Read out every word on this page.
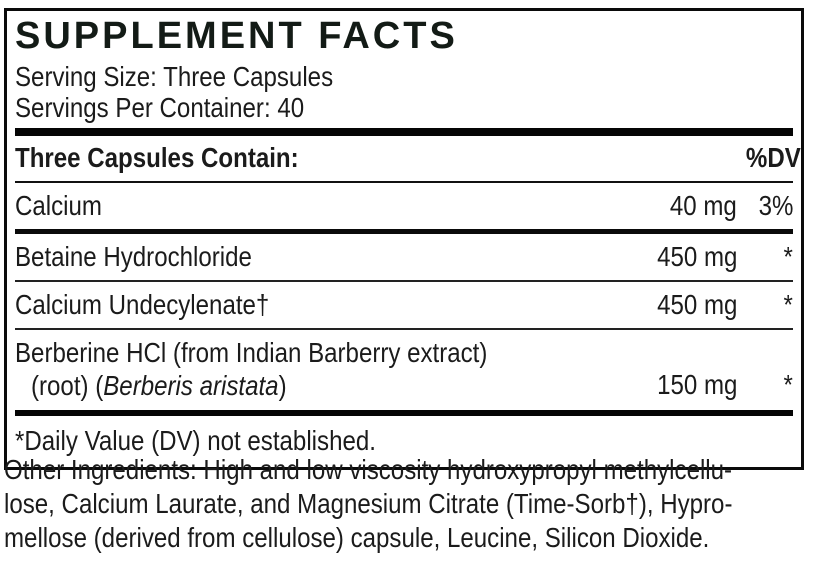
SUPPLEMENT FACTS
Serving Size: Three Capsules
Servings Per Container: 40
Three Capsules Contain:	%DV
Calcium	40 mg 3%
Betaine Hydrochloride	450 mg	*
Calcium Undecylenate†	450 mg	*
Berberine HCl (from Indian Barberry extract)
(root) (Berberis aristata)	150 mg	*
*Daily Value (DV) not established.
Other Ingredients: High and low viscosity hydroxypropyl methylcellu-
lose, Calcium Laurate, and Magnesium Citrate (Time-Sorb†), Hypro-
mellose (derived from cellulose) capsule, Leucine, Silicon Dioxide.
